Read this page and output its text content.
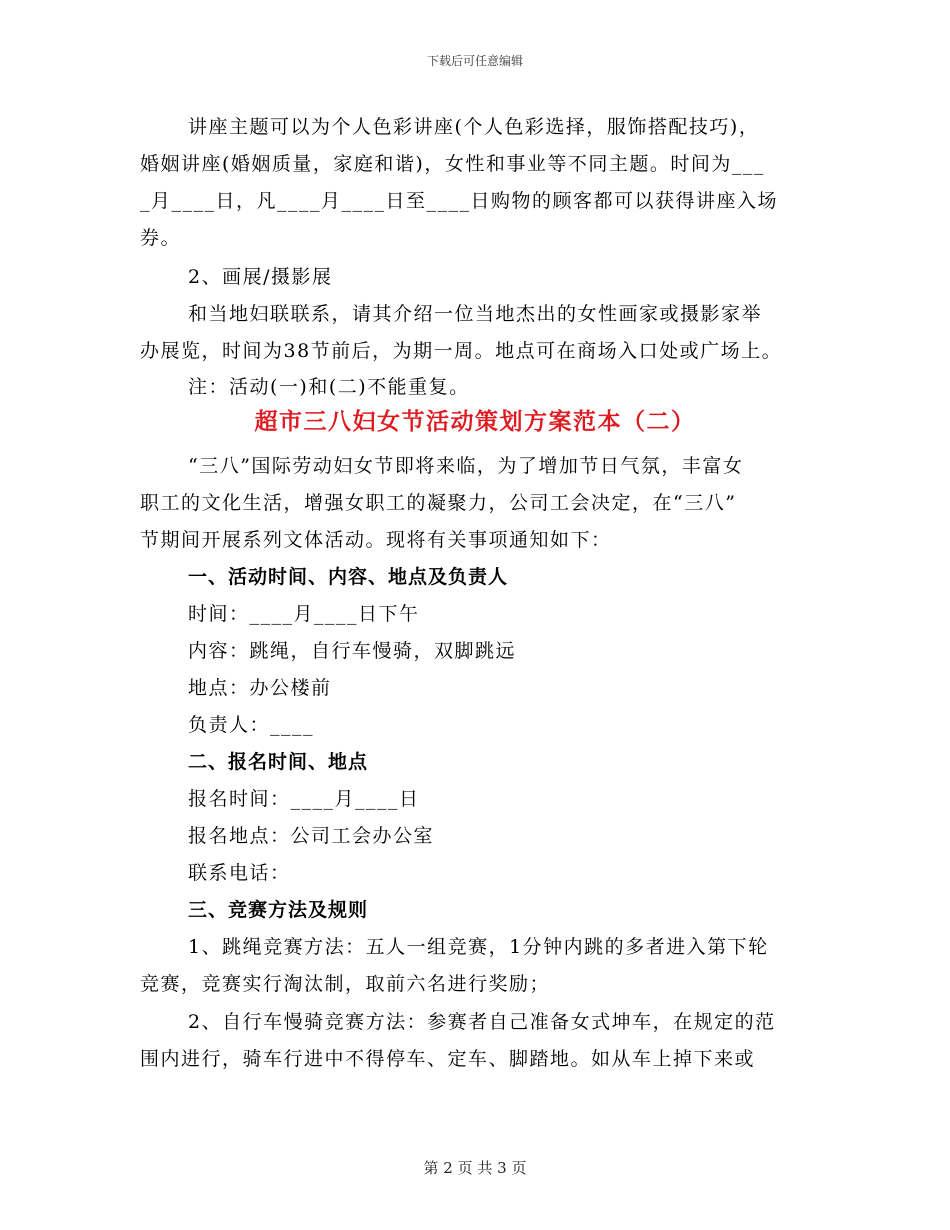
下载后可任意编辑
讲座主题可以为个人色彩讲座(个人色彩选择，服饰搭配技巧)，
婚姻讲座(婚姻质量，家庭和谐)，女性和事业等不同主题。时间为___
_月____日，凡____月____日至____日购物的顾客都可以获得讲座入场
券。
2、画展/摄影展
和当地妇联联系，请其介绍一位当地杰出的女性画家或摄影家举
办展览，时间为38节前后，为期一周。地点可在商场入口处或广场上。
注：活动(一)和(二)不能重复。
超市三八妇女节活动策划方案范本（二）
“三八”国际劳动妇女节即将来临，为了增加节日气氛，丰富女
职工的文化生活，增强女职工的凝聚力，公司工会决定，在“三八”
节期间开展系列文体活动。现将有关事项通知如下：
一、活动时间、内容、地点及负责人
时间：____月____日下午
内容：跳绳，自行车慢骑，双脚跳远
地点：办公楼前
负责人：____
二、报名时间、地点
报名时间：____月____日
报名地点：公司工会办公室
联系电话：
三、竞赛方法及规则
1、跳绳竞赛方法：五人一组竞赛，1分钟内跳的多者进入第下轮
竞赛，竞赛实行淘汰制，取前六名进行奖励；
2、自行车慢骑竞赛方法：参赛者自己准备女式坤车，在规定的范
围内进行，骑车行进中不得停车、定车、脚踏地。如从车上掉下来或
第 2 页 共 3 页
